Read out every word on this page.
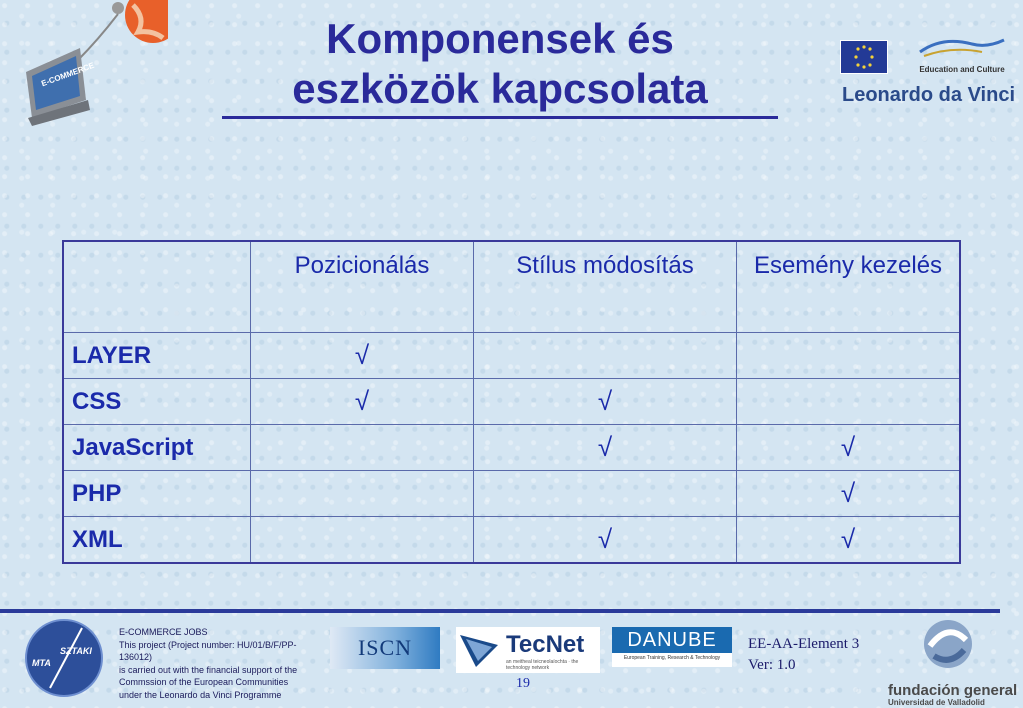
E-COMMERCE
Komponensek és
eszközök kapcsolata	Education and Culture
Leonardo da Vinci
	Pozicionálás	Stílus módosítás	Esemény kezelés
LAYER	√		
CSS	√	√	
JavaScript		√	√
PHP			√
XML		√	√
MTA
SZTAKI
E-COMMERCE JOBS
This project (Project number: HU/01/B/F/PP-136012)
is carried out with the financial support of the
Commssion of the European Communities
under the Leonardo da Vinci Programme
ISCN	TecNet
an meitheal teicneolaíochta · the technology network
DANUBE
European Training, Research & Technology
19
EE-AA-Element 3
Ver: 1.0
fundación general
Universidad de Valladolid
